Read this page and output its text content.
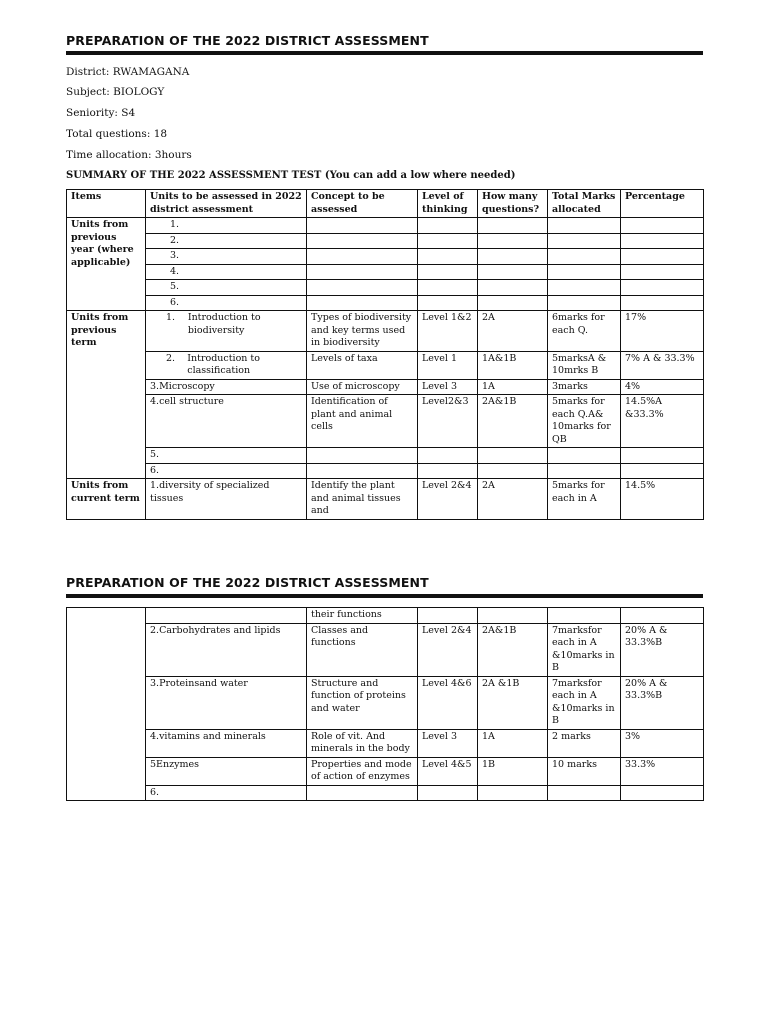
PREPARATION OF THE 2022 DISTRICT ASSESSMENT
District: RWAMAGANA
Subject: BIOLOGY
Seniority: S4
Total questions: 18
Time allocation: 3hours
SUMMARY OF THE 2022 ASSESSMENT TEST (You can add a low where needed)
Items	Units to be assessed in 2022 district assessment	Concept to be assessed	Level of thinking	How many questions?	Total Marks allocated	Percentage
Units from previous year (where applicable)	1.					
	2.					
	3.					
	4.					
	5.					
	6.					
Units from previous term	1. Introduction to biodiversity	Types of biodiversity and key terms used in biodiversity	Level 1&2	2A	6marks for each Q.	17%

	2. Introduction to classification	Levels of taxa	Level 1	1A&1B	5marksA & 10mrks B	7% A & 33.3%
	3.Microscopy	Use of microscopy	Level 3	1A	3marks	4%
	4.cell structure	Identification of plant and animal cells	Level2&3	2A&1B	5marks for each Q.A& 10marks for QB	14.5%A &33.3%
	5.					
	6.					
Units from current term	1.diversity of specialized tissues	Identify the plant and animal tissues and	Level 2&4	2A	5marks for each in A	14.5%
PREPARATION OF THE 2022 DISTRICT ASSESSMENT
		their functions				
	2.Carbohydrates and lipids	Classes and functions	Level 2&4	2A&1B	7marksfor each in A &10marks in B	20% A & 33.3%B
	3.Proteinsand water	Structure and function of proteins and water	Level 4&6	2A &1B	7marksfor each in A &10marks in B	20% A & 33.3%B
	4.vitamins and minerals	Role of vit. And minerals in the body	Level 3	1A	2 marks	3%
	5Enzymes	Properties and mode of action of enzymes	Level 4&5	1B	10 marks	33.3%
	6.					
